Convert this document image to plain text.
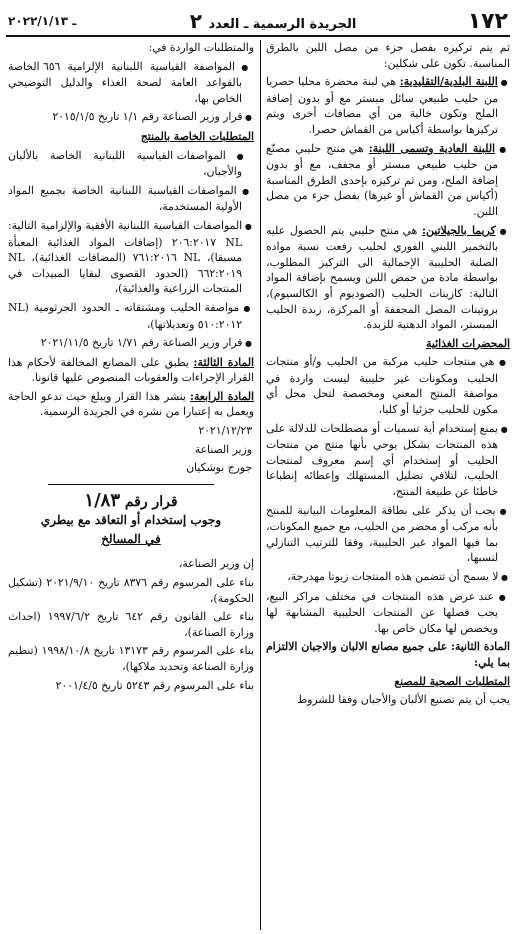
ـ ٢٠٢٢/١/١٣	الجريدة الرسمية ـ العدد ٢	١٧٢

ثم يتم تركيزه بفصل جزء من مصل اللبن بالطرق المناسبة. تكون على شكلين:

● اللبنة البلدية/التقليدية: هي لبنة محضرة محليا حصريا من حليب طبيعي سائل مبستر مع أو بدون إضافة الملح وتكون خالية من أي مضافات أخرى ويتم تركيزها بواسطة أكياس من القماش حصرا.

● اللبنة العادية وتسمى اللبنة: هي منتج حليبي مصنّع من حليب طبيعي مبستر أو مجفف، مع أو بدون إضافة الملح، ومن ثم تركيزه بإحدى الطرق المناسبة (أكياس من القماش أو غيرها) بفصل جزء من مصل اللبن.

● كريما بالجيلاتين: هي منتج حليبي يتم الحصول عليه بالتخمير اللبني الفوري لحليب رفعت نسبة مواده الصلبة الحليبية الإجمالية الى التركيز المطلوب، بواسطة مادة من حمض اللبن ويسمح بإضافة المواد التالية: كازينات الحليب (الصوديوم أو الكالسيوم)، بروتينات المصل المجففة أو المركزة، زبدة الحليب المبستر، المواد الدهنية للزبدة.

المحضرات الغذائية

● هي منتجات حليب مركبة من الحليب و/أو منتجات الحليب ومكونات غير حليبية ليست واردة في مواصفة المنتج المعني ومخصصة لتحل محل أي مكون للحليب جزئيا أو كليا،

● يمنع إستخدام أية تسميات أو مصطلحات للدلالة على هذه المنتجات بشكل يوحي بأنها منتج من منتجات الحليب أو إستخدام أي إسم معروف لمنتجات الحليب، لتلافي تضليل المستهلك وإعطائه إنطباعا خاطئا عن طبيعة المنتج،

● يجب أن يذكر على بطاقة المعلومات البيانية للمنتج بأنه مركب أو محضر من الحليب، مع جميع المكونات، بما فيها المواد غير الحليبية، وفقا للترتيب التنازلي لنسبها،

● لا يسمح أن تتضمن هذه المنتجات زيوتا مهدرجة،

● عند عرض هذه المنتجات في مختلف مراكز البيع، يجب فصلها عن المنتجات الحليبية المشابهة لها ويخصص لها مكان خاص بها.

المادة الثانية: على جميع مصانع الالبان والاجبان الالتزام بما يلي:

المتطلبات الصحية للمصنع

يجب أن يتم تصنيع الألبان والأجبان وفقا للشروط

والمتطلبات الواردة في:

● المواصفة القياسية اللبنانية الإلزامية ٦٥٦ الخاصة بالقواعد العامة لصحة الغذاء والدليل التوضيحي الخاص بها،

● قرار وزير الصناعة رقم ١/١ تاريخ ٢٠١٥/١/٥

المتطلبات الخاصة بالمنتج

● المواصفات القياسية اللبنانية الخاصة بالألبان والأجبان،

● المواصفات القياسية اللبنانية الخاصة بجميع المواد الأولية المستخدمة،

● المواصفات القياسية اللبنانية الأفقية والإلزامية التالية: NL ٢٠٦:٢٠١٧ (إضافات المواد الغذائية المعبأة مسبقا)، NL ٧٦١:٢٠١٦ (المضافات الغذائية)، NL ٦٦٢:٢٠١٩ (الحدود القصوى لبقايا المبيدات في المنتجات الزراعية والغذائية)،

● مواصفة الحليب ومشتقاته ـ الحدود الجرثومية (NL ٥١٠:٢٠١٢ وتعديلاتها)،

● قرار وزير الصناعة رقم ١/٧١ تاريخ ٢٠٢١/١١/٥

المادة الثالثة: يطبق على المصانع المخالفة لأحكام هذا القرار الإجراءات والعقوبات المنصوص عليها قانونا.

المادة الرابعة: ينشر هذا القرار ويبلغ حيث تدعو الحاجة ويعمل به إعتبارا من نشره في الجريدة الرسمية.

٢٠٢١/١٢/٢٣

وزير الصناعة

جورج بوشكيان

قرار رقم ١/٨٣

وجوب إستخدام أو التعاقد مع بيطري

في المسالخ

إن وزير الصناعة،

بناء على المرسوم رقم ٨٣٧٦ تاريخ ٢٠٢١/٩/١٠ (تشكيل الحكومة)،

بناء على القانون رقم ٦٤٢ تاريخ ١٩٩٧/٦/٢ (احداث وزارة الصناعة)،

بناء على المرسوم رقم ١٣١٧٣ تاريخ ١٩٩٨/١٠/٨ (تنظيم وزارة الصناعة وتحديد ملاكها)،

بناء على المرسوم رقم ٥٢٤٣ تاريخ ٢٠٠١/٤/٥
